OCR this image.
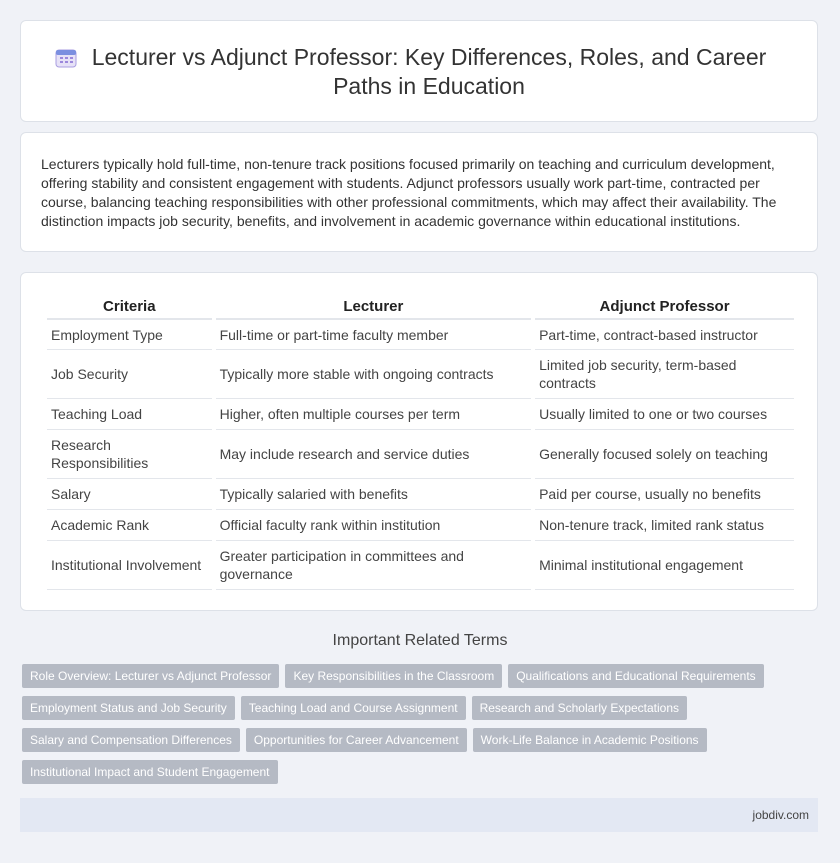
Lecturer vs Adjunct Professor: Key Differences, Roles, and Career Paths in Education
Lecturers typically hold full-time, non-tenure track positions focused primarily on teaching and curriculum development, offering stability and consistent engagement with students. Adjunct professors usually work part-time, contracted per course, balancing teaching responsibilities with other professional commitments, which may affect their availability. The distinction impacts job security, benefits, and involvement in academic governance within educational institutions.
Criteria	Lecturer	Adjunct Professor
Employment Type	Full-time or part-time faculty member	Part-time, contract-based instructor
Job Security	Typically more stable with ongoing contracts	Limited job security, term-based contracts
Teaching Load	Higher, often multiple courses per term	Usually limited to one or two courses
Research Responsibilities	May include research and service duties	Generally focused solely on teaching
Salary	Typically salaried with benefits	Paid per course, usually no benefits
Academic Rank	Official faculty rank within institution	Non-tenure track, limited rank status
Institutional Involvement	Greater participation in committees and governance	Minimal institutional engagement
Important Related Terms
Role Overview: Lecturer vs Adjunct Professor	Key Responsibilities in the Classroom	Qualifications and Educational Requirements
Employment Status and Job Security	Teaching Load and Course Assignment	Research and Scholarly Expectations
Salary and Compensation Differences	Opportunities for Career Advancement	Work-Life Balance in Academic Positions
Institutional Impact and Student Engagement
jobdiv.com
